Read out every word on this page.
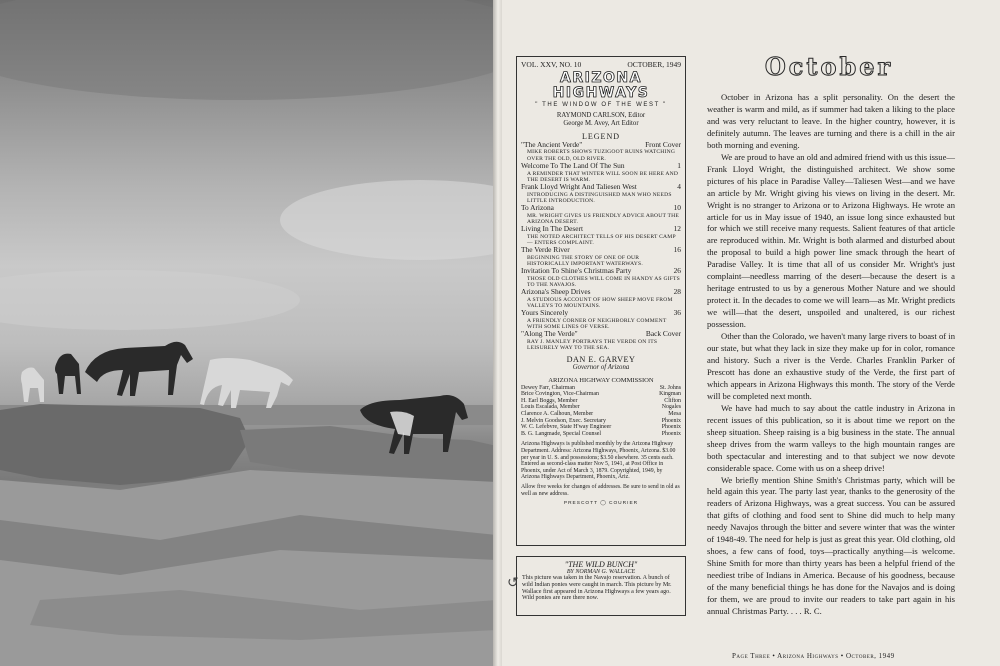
VOL. XXV, NO. 10	OCTOBER, 1949
ARIZONA HIGHWAYS
" THE WINDOW OF THE WEST "
RAYMOND CARLSON, Editor
George M. Avey, Art Editor
LEGEND
"The Ancient Verde"	Front Cover
MIKE ROBERTS SHOWS TUZIGOOT RUINS WATCHING OVER THE OLD, OLD RIVER.
Welcome To The Land Of The Sun	1
A REMINDER THAT WINTER WILL SOON BE HERE AND THE DESERT IS WARM.
Frank Lloyd Wright And Taliesen West	4
INTRODUCING A DISTINGUISHED MAN WHO NEEDS LITTLE INTRODUCTION.
To Arizona	10
MR. WRIGHT GIVES US FRIENDLY ADVICE ABOUT THE ARIZONA DESERT.
Living In The Desert	12
THE NOTED ARCHITECT TELLS OF HIS DESERT CAMP — ENTERS COMPLAINT.
The Verde River	16
BEGINNING THE STORY OF ONE OF OUR HISTORICALLY IMPORTANT WATERWAYS.
Invitation To Shine's Christmas Party	26
THOSE OLD CLOTHES WILL COME IN HANDY AS GIFTS TO THE NAVAJOS.
Arizona's Sheep Drives	28
A STUDIOUS ACCOUNT OF HOW SHEEP MOVE FROM VALLEYS TO MOUNTAINS.
Yours Sincerely	36
A FRIENDLY CORNER OF NEIGHBORLY COMMENT WITH SOME LINES OF VERSE.
"Along The Verde"	Back Cover
RAY J. MANLEY PORTRAYS THE VERDE ON ITS LEISURELY WAY TO THE SEA.
DAN E. GARVEY
Governor of Arizona
ARIZONA HIGHWAY COMMISSION
Dewey Farr, Chairman	St. Johns
Brice Covington, Vice-Chairman	Kingman
H. Earl Boggs, Member	Clifton
Louis Escalada, Member	Nogales
Clarence A. Calhoun, Member	Mesa
J. Melvin Goodson, Exec. Secretary	Phoenix
W. C. Lefebvre, State H'way Engineer	Phoenix
B. G. Langmade, Special Counsel	Phoenix
Arizona Highways is published monthly by the Arizona Highway Department. Address: Arizona Highways, Phoenix, Arizona. $3.00 per year in U. S. and possessions; $3.50 elsewhere. 35 cents each. Entered as second-class matter Nov 5, 1941, at Post Office in Phoenix, under Act of March 3, 1879. Copyrighted, 1949, by Arizona Highways Department, Phoenix, Ariz.
Allow five weeks for changes of addresses. Be sure to send in old as well as new address.
PRESCOTT ◯ COURIER
↺
"THE WILD BUNCH"
BY NORMAN G. WALLACE
This picture was taken in the Navajo reservation. A bunch of wild Indian ponies were caught in march. This picture by Mr. Wallace first appeared in Arizona Highways a few years ago. Wild ponies are rare there now.
October

October in Arizona has a split personality. On the desert the weather is warm and mild, as if summer had taken a liking to the place and was very reluctant to leave. In the higher country, however, it is definitely autumn. The leaves are turning and there is a chill in the air both morning and evening.

We are proud to have an old and admired friend with us this issue—Frank Lloyd Wright, the distinguished architect. We show some pictures of his place in Paradise Valley—Taliesen West—and we have an article by Mr. Wright giving his views on living in the desert. Mr. Wright is no stranger to Arizona or to Arizona Highways. He wrote an article for us in May issue of 1940, an issue long since exhausted but for which we still receive many requests. Salient features of that article are reproduced within. Mr. Wright is both alarmed and disturbed about the proposal to build a high power line smack through the heart of Paradise Valley. It is time that all of us consider Mr. Wright's just complaint—needless marring of the desert—because the desert is a heritage entrusted to us by a generous Mother Nature and we should protect it. In the decades to come we will learn—as Mr. Wright predicts we will—that the desert, unspoiled and unaltered, is our richest possession.

Other than the Colorado, we haven't many large rivers to boast of in our state, but what they lack in size they make up for in color, romance and history. Such a river is the Verde. Charles Franklin Parker of Prescott has done an exhaustive study of the Verde, the first part of which appears in Arizona Highways this month. The story of the Verde will be completed next month.

We have had much to say about the cattle industry in Arizona in recent issues of this publication, so it is about time we report on the sheep situation. Sheep raising is a big business in the state. The annual sheep drives from the warm valleys to the high mountain ranges are both spectacular and interesting and to that subject we now devote considerable space. Come with us on a sheep drive!

We briefly mention Shine Smith's Christmas party, which will be held again this year. The party last year, thanks to the generosity of the readers of Arizona Highways, was a great success. You can be assured that gifts of clothing and food sent to Shine did much to help many needy Navajos through the bitter and severe winter that was the winter of 1948-49. The need for help is just as great this year. Old clothing, old shoes, a few cans of food, toys—practically anything—is welcome. Shine Smith for more than thirty years has been a helpful friend of the neediest tribe of Indians in America. Because of his goodness, because of the many beneficial things he has done for the Navajos and is doing for them, we are proud to invite our readers to take part again in his annual Christmas Party. . . . R. C.

Page Three • Arizona Highways • October, 1949
